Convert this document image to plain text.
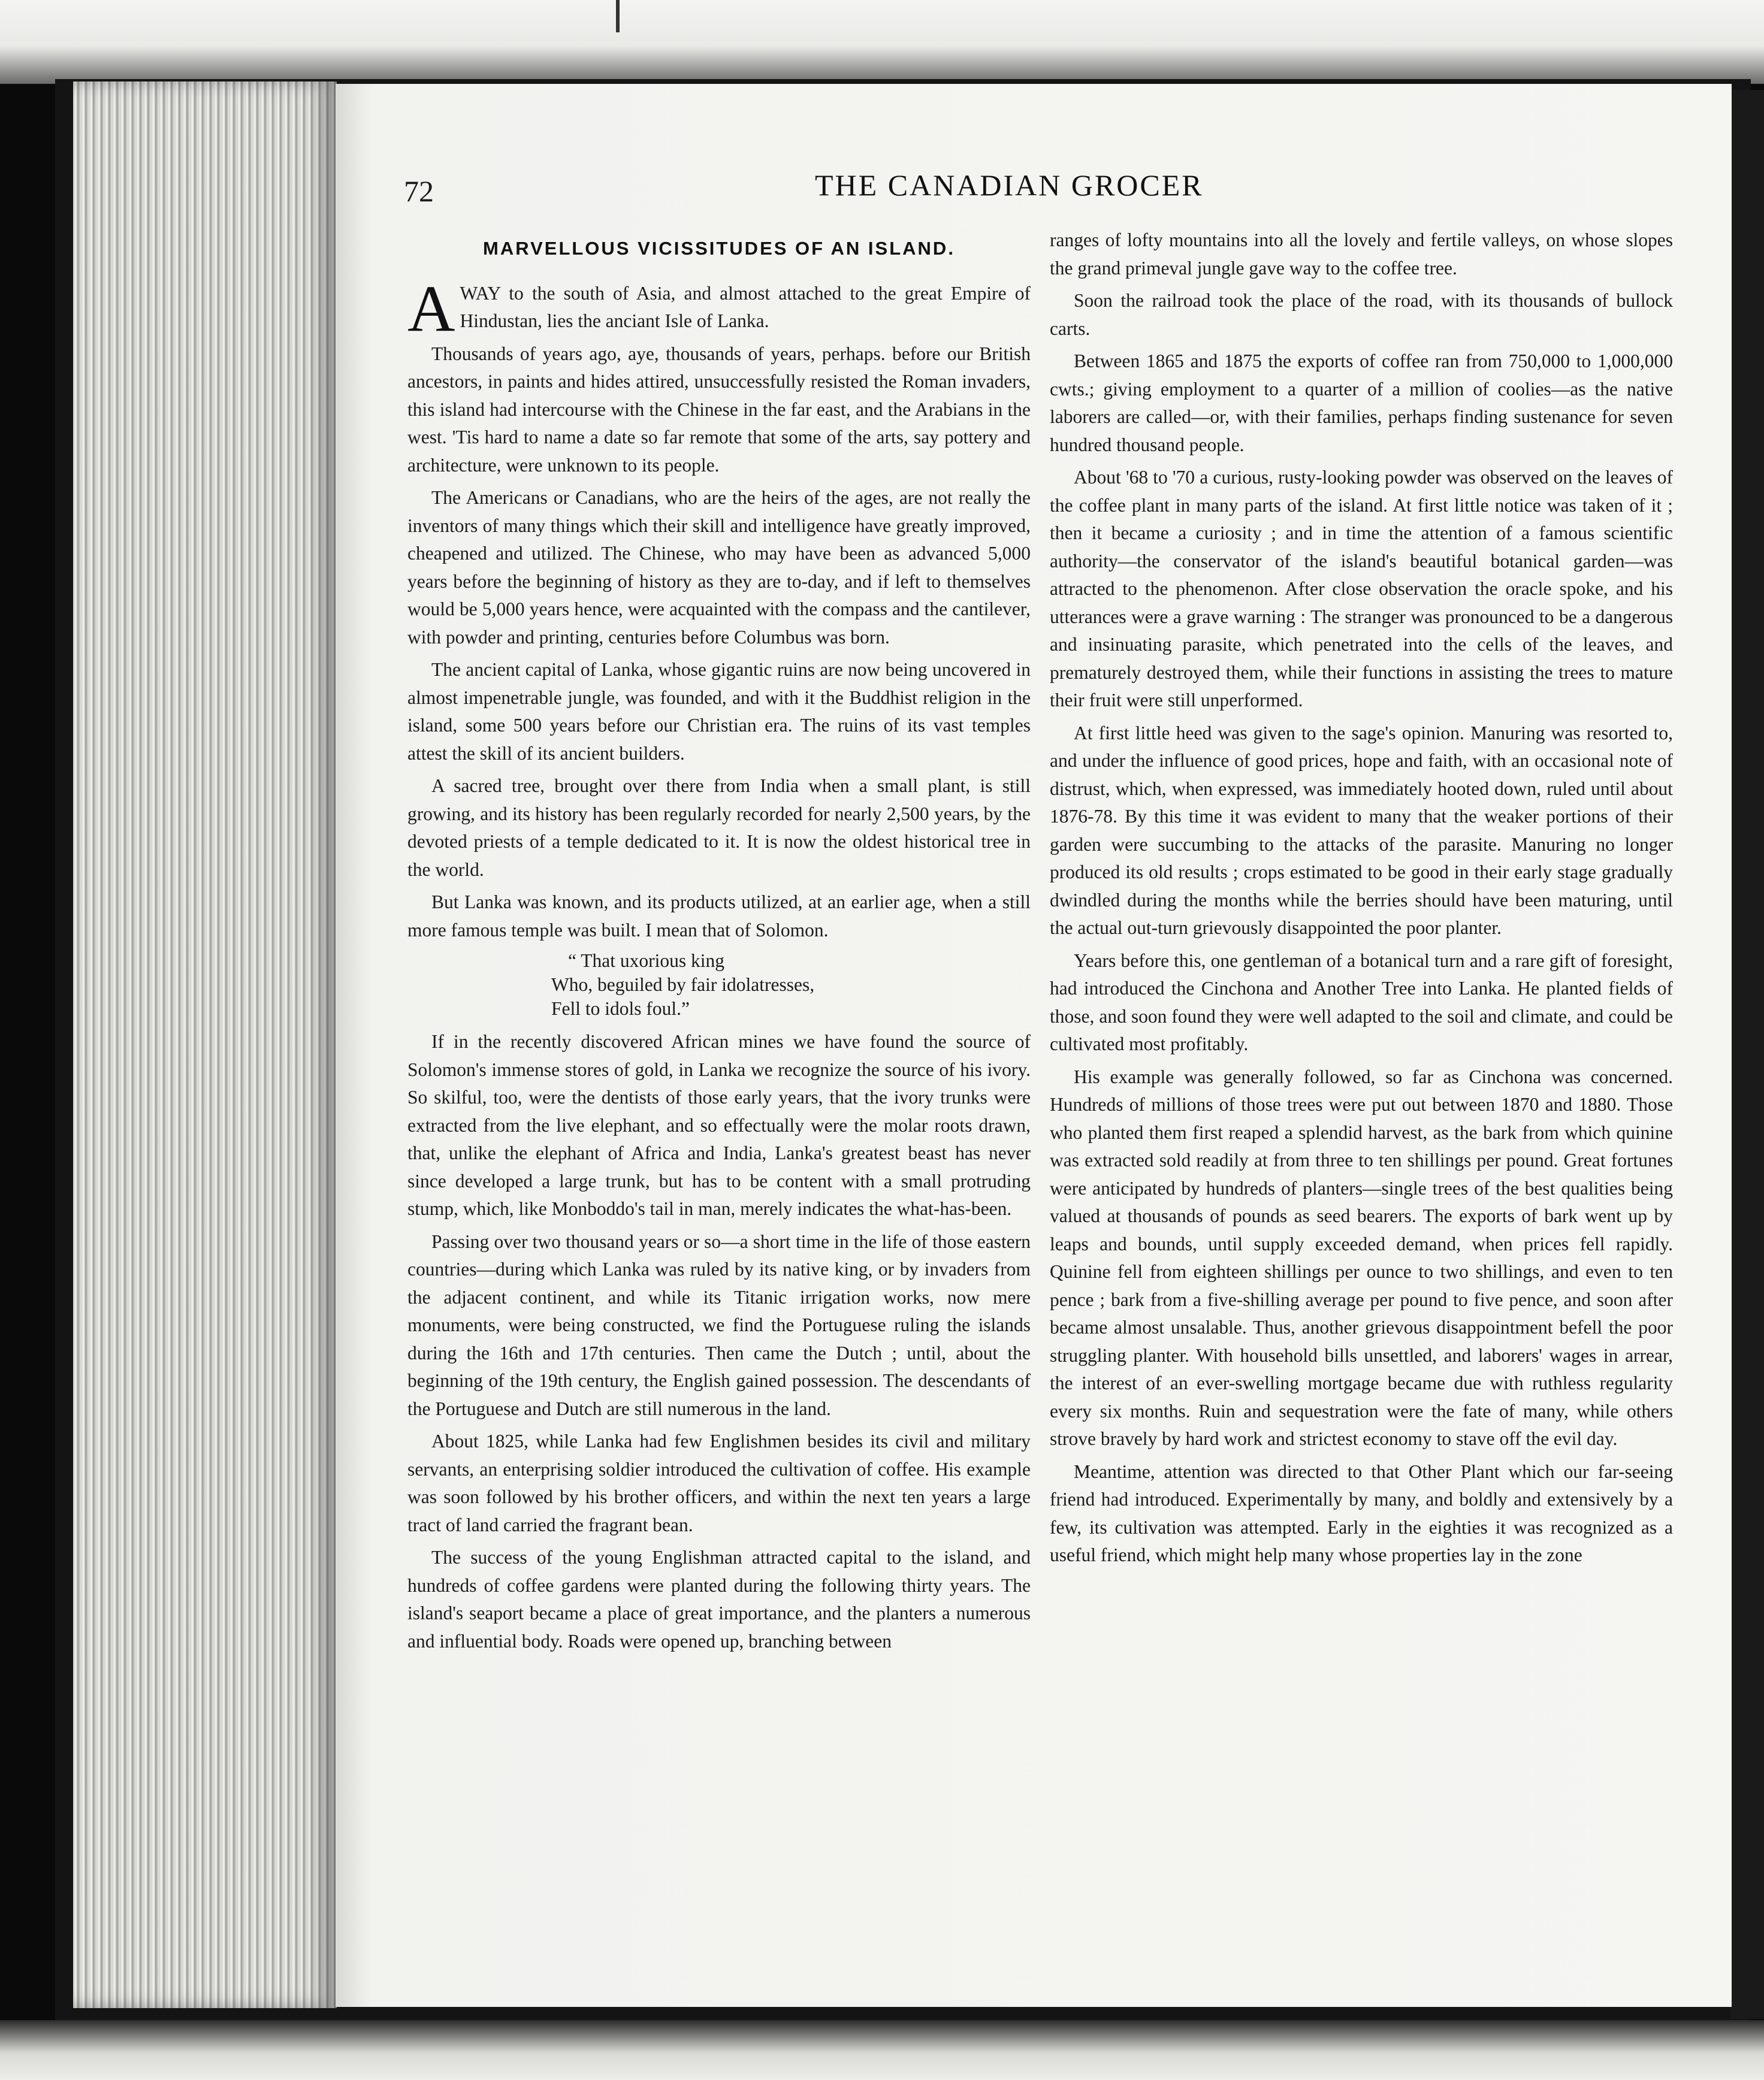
72	THE CANADIAN GROCER
MARVELLOUS VICISSITUDES OF AN ISLAND.

AWAY to the south of Asia, and almost attached to the great Empire of Hindustan, lies the anciant Isle of Lanka.

Thousands of years ago, aye, thousands of years, perhaps. before our British ancestors, in paints and hides attired, unsuccessfully resisted the Roman invaders, this island had intercourse with the Chinese in the far east, and the Arabians in the west. 'Tis hard to name a date so far remote that some of the arts, say pottery and architecture, were unknown to its people.

The Americans or Canadians, who are the heirs of the ages, are not really the inventors of many things which their skill and intelligence have greatly improved, cheapened and utilized. The Chinese, who may have been as advanced 5,000 years before the beginning of history as they are to-day, and if left to themselves would be 5,000 years hence, were acquainted with the compass and the cantilever, with powder and printing, centuries before Columbus was born.

The ancient capital of Lanka, whose gigantic ruins are now being uncovered in almost impenetrable jungle, was founded, and with it the Buddhist religion in the island, some 500 years before our Christian era. The ruins of its vast temples attest the skill of its ancient builders.

A sacred tree, brought over there from India when a small plant, is still growing, and its history has been regularly recorded for nearly 2,500 years, by the devoted priests of a temple dedicated to it. It is now the oldest historical tree in the world.

But Lanka was known, and its products utilized, at an earlier age, when a still more famous temple was built. I mean that of Solomon.

“ That uxorious king
Who, beguiled by fair idolatresses,
Fell to idols foul.”

If in the recently discovered African mines we have found the source of Solomon's immense stores of gold, in Lanka we recognize the source of his ivory. So skilful, too, were the dentists of those early years, that the ivory trunks were extracted from the live elephant, and so effectually were the molar roots drawn, that, unlike the elephant of Africa and India, Lanka's greatest beast has never since developed a large trunk, but has to be content with a small protruding stump, which, like Monboddo's tail in man, merely indicates the what-has-been.

Passing over two thousand years or so—a short time in the life of those eastern countries—during which Lanka was ruled by its native king, or by invaders from the adjacent continent, and while its Titanic irrigation works, now mere monuments, were being constructed, we find the Portuguese ruling the islands during the 16th and 17th centuries. Then came the Dutch ; until, about the beginning of the 19th century, the English gained possession. The descendants of the Portuguese and Dutch are still numerous in the land.

About 1825, while Lanka had few Englishmen besides its civil and military servants, an enterprising soldier introduced the cultivation of coffee. His example was soon followed by his brother officers, and within the next ten years a large tract of land carried the fragrant bean.

The success of the young Englishman attracted capital to the island, and hundreds of coffee gardens were planted during the following thirty years. The island's seaport became a place of great importance, and the planters a numerous and influential body. Roads were opened up, branching between

ranges of lofty mountains into all the lovely and fertile valleys, on whose slopes the grand primeval jungle gave way to the coffee tree.

Soon the railroad took the place of the road, with its thousands of bullock carts.

Between 1865 and 1875 the exports of coffee ran from 750,000 to 1,000,000 cwts.; giving employment to a quarter of a million of coolies—as the native laborers are called—or, with their families, perhaps finding sustenance for seven hundred thousand people.

About '68 to '70 a curious, rusty-looking powder was observed on the leaves of the coffee plant in many parts of the island. At first little notice was taken of it ; then it became a curiosity ; and in time the attention of a famous scientific authority—the conservator of the island's beautiful botanical garden—was attracted to the phenomenon. After close observation the oracle spoke, and his utterances were a grave warning : The stranger was pronounced to be a dangerous and insinuating parasite, which penetrated into the cells of the leaves, and prematurely destroyed them, while their functions in assisting the trees to mature their fruit were still unperformed.

At first little heed was given to the sage's opinion. Manuring was resorted to, and under the influence of good prices, hope and faith, with an occasional note of distrust, which, when expressed, was immediately hooted down, ruled until about 1876-78. By this time it was evident to many that the weaker portions of their garden were succumbing to the attacks of the parasite. Manuring no longer produced its old results ; crops estimated to be good in their early stage gradually dwindled during the months while the berries should have been maturing, until the actual out-turn grievously disappointed the poor planter.

Years before this, one gentleman of a botanical turn and a rare gift of foresight, had introduced the Cinchona and Another Tree into Lanka. He planted fields of those, and soon found they were well adapted to the soil and climate, and could be cultivated most profitably.

His example was generally followed, so far as Cinchona was concerned. Hundreds of millions of those trees were put out between 1870 and 1880. Those who planted them first reaped a splendid harvest, as the bark from which quinine was extracted sold readily at from three to ten shillings per pound. Great fortunes were anticipated by hundreds of planters—single trees of the best qualities being valued at thousands of pounds as seed bearers. The exports of bark went up by leaps and bounds, until supply exceeded demand, when prices fell rapidly. Quinine fell from eighteen shillings per ounce to two shillings, and even to ten pence ; bark from a five-shilling average per pound to five pence, and soon after became almost unsalable. Thus, another grievous disappointment befell the poor struggling planter. With household bills unsettled, and laborers' wages in arrear, the interest of an ever-swelling mortgage became due with ruthless regularity every six months. Ruin and sequestration were the fate of many, while others strove bravely by hard work and strictest economy to stave off the evil day.

Meantime, attention was directed to that Other Plant which our far-seeing friend had introduced. Experimentally by many, and boldly and extensively by a few, its cultivation was attempted. Early in the eighties it was recognized as a useful friend, which might help many whose properties lay in the zone
